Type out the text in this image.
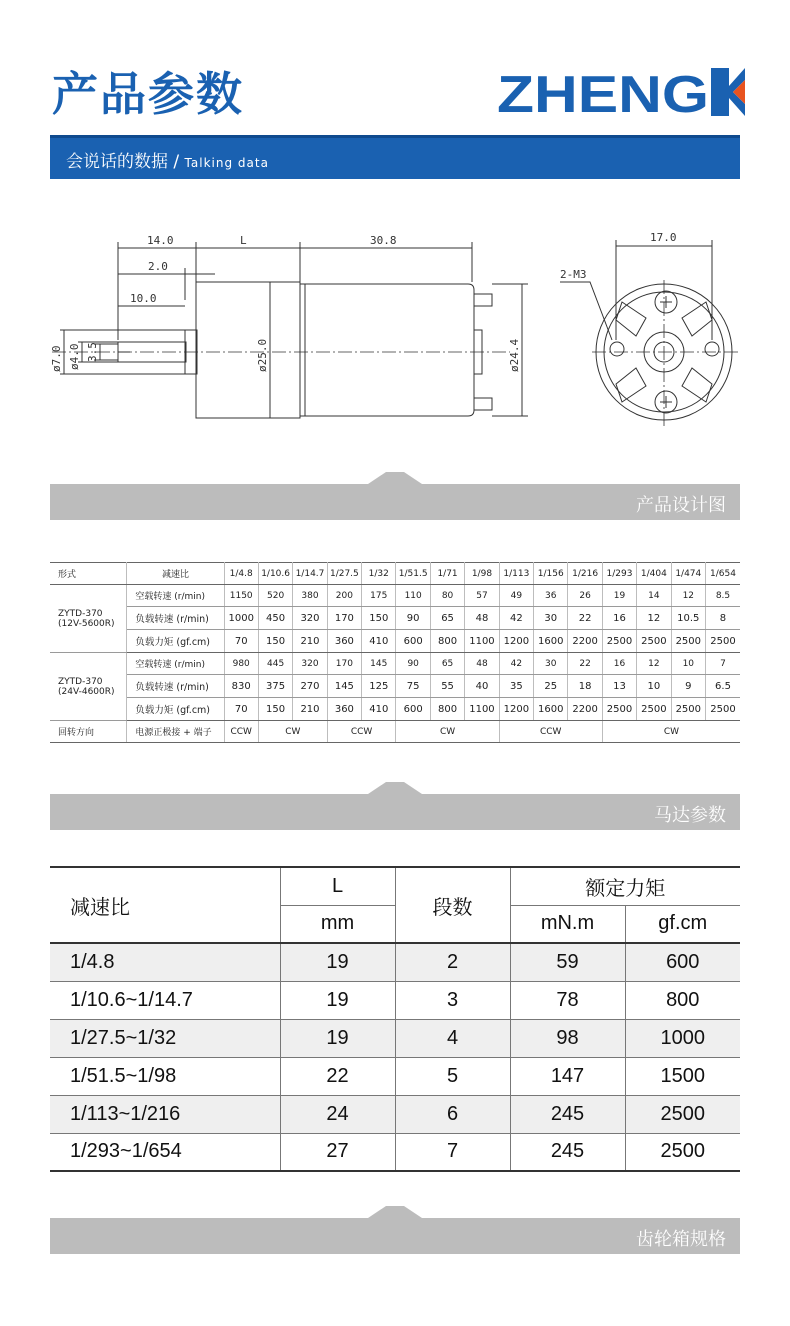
产品参数	ZHENG
会说话的数据 / Talking data
14.0	L	30.8
2.0
10.0
ø7.0 ø4.0 3.5	ø25.0	ø24.4
17.0
2-M3
产品设计图
形式	减速比	1/4.8	1/10.6	1/14.7	1/27.5	1/32	1/51.5	1/71	1/98	1/113	1/156	1/216	1/293	1/404	1/474	1/654

ZYTD-370
(12V-5600R)	空载转速 (r/min)	1150	520	380	200	175	110	80	57	49	36	26	19	14	12	8.5
	负载转速 (r/min)	1000	450	320	170	150	90	65	48	42	30	22	16	12	10.5	8
	负载力矩 (gf.cm)	70	150	210	360	410	600	800	1100	1200	1600	2200	2500	2500	2500	2500

ZYTD-370
(24V-4600R)	空载转速 (r/min)	980	445	320	170	145	90	65	48	42	30	22	16	12	10	7
	负载转速 (r/min)	830	375	270	145	125	75	55	40	35	25	18	13	10	9	6.5
	负载力矩 (gf.cm)	70	150	210	360	410	600	800	1100	1200	1600	2200	2500	2500	2500	2500
回转方向	电源正极接 + 端子	CCW	CW		CCW		CW			CCW			CW			
马达参数
减速比	L	段数	额定力矩	
	mm		mN.m	gf.cm
1/4.8	19	2	59	600
1/10.6~1/14.7	19	3	78	800
1/27.5~1/32	19	4	98	1000
1/51.5~1/98	22	5	147	1500
1/113~1/216	24	6	245	2500
1/293~1/654	27	7	245	2500
齿轮箱规格
